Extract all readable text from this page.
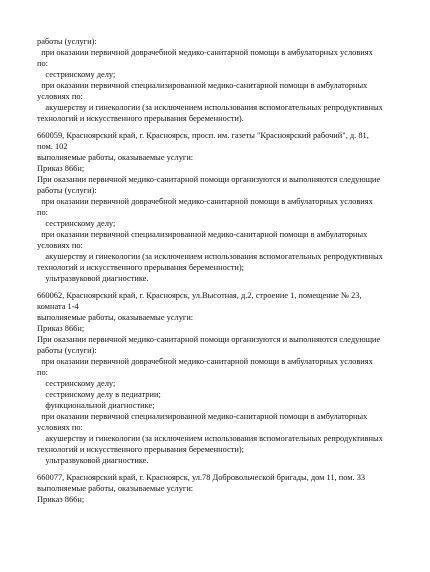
работы (услуги):
при оказании первичной доврачебной медико-санитарной помощи в амбулаторных условиях
по:
сестринскому делу;
при оказании первичной специализированной медико-санитарной помощи в амбулаторных
условиях по:
акушерству и гинекологии (за исключением использования вспомогательных репродуктивных
технологий и искусственного прерывания беременности).
660059, Красноярский край, г. Красноярск, просп. им. газеты "Красноярский рабочий", д. 81,
пом. 102
выполняемые работы, оказываемые услуги:
Приказ 866н;
При оказании первичной медико-санитарной помощи организуются и выполняются следующие
работы (услуги):
при оказании первичной доврачебной медико-санитарной помощи в амбулаторных условиях
по:
сестринскому делу;
при оказании первичной специализированной медико-санитарной помощи в амбулаторных
условиях по:
акушерству и гинекологии (за исключением использования вспомогательных репродуктивных
технологий и искусственного прерывания беременности);
ультразвуковой диагностике.
660062, Красноярский край, г. Красноярск, ул.Высотная, д.2, строение 1, помещение № 23,
комната 1-4
выполняемые работы, оказываемые услуги:
Приказ 866н;
При оказании первичной медико-санитарной помощи организуются и выполняются следующие
работы (услуги):
при оказании первичной доврачебной медико-санитарной помощи в амбулаторных условиях
по:
сестринскому делу;
сестринскому делу в педиатрии;
функциональной диагностике;
при оказании первичной специализированной медико-санитарной помощи в амбулаторных
условиях по:
акушерству и гинекологии (за исключением использования вспомогательных репродуктивных
технологий и искусственного прерывания беременности);
ультразвуковой диагностике.
660077, Красноярский край, г. Красноярск, ул.78 Добровольческой бригады, дом 11, пом. 33
выполняемые работы, оказываемые услуги:
Приказ 866н;
